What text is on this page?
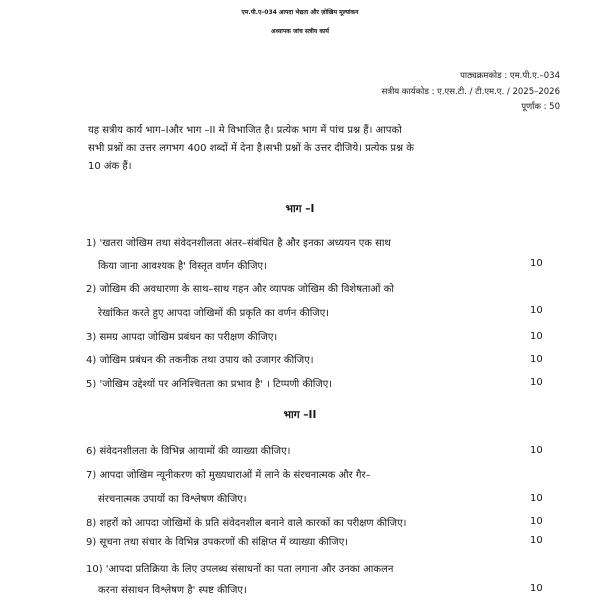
एम.पी.ए–034 आपदा भेद्यता और ज़ोखिम मूल्यांकन
अध्यापक जांच सत्रीय कार्य
पाठ्यक्रमकोड : एम.पी.ए.–034
सत्रीय कार्यकोड : ए.एस.टी. / टी.एम.ए. / 2025–2026
पूर्णांक : 50
यह सत्रीय कार्य भाग–Iऔर भाग –II मे विभाजित है। प्रत्येक भाग में पांच प्रश्न हैं। आपको
सभी प्रश्नों का उत्तर लगभग 400 शब्दों में देना है।सभी प्रश्नों के उत्तर दीजिये। प्रत्येक प्रश्न के
10 अंक हैं।
भाग –I
1) 'खतरा जोखिम तथा संवेदनशीलता अंतर–संबंधित है और इनका अध्ययन एक साथ
किया जाना आवश्यक है' विस्तृत वर्णन कीजिए।	10
2) जोखिम की अवधारणा के साथ–साथ गहन और व्यापक जोखिम की विशेषताओं को
रेखांकित करते हुए आपदा जोखिमों की प्रकृति का वर्णन कीजिए।	10
3) समग्र आपदा जोखिम प्रबंधन का परीक्षण कीजिए।	10
4) जोखिम प्रबंधन की तकनीक तथा उपाय को उजागर कीजिए।	10
5) 'जोखिम उद्देश्यों पर अनिश्चितता का प्रभाव है' । टिप्पणी कीजिए।	10
भाग –II
6) संवेदनशीलता के विभिन्न आयामों की व्याख्या कीजिए।	10
7) आपदा जोखिम न्यूनीकरण को मुख्यधाराओं में लाने के संरचनात्मक और गैर–
संरचनात्मक उपायों का विश्लेषण कीजिए।	10
8) शहरों को आपदा जोखिमों के प्रति संवेदनशील बनाने वाले कारकों का परीक्षण कीजिए।	10
9) सूचना तथा संचार के विभिन्न उपकरणों की संक्षिप्त में व्याख्या कीजिए।	10
10) 'आपदा प्रतिक्रिया के लिए उपलब्ध संसाधनों का पता लगाना और उनका आकलन
करना संसाधन विश्लेषण है' स्पष्ट कीजिए।	10
